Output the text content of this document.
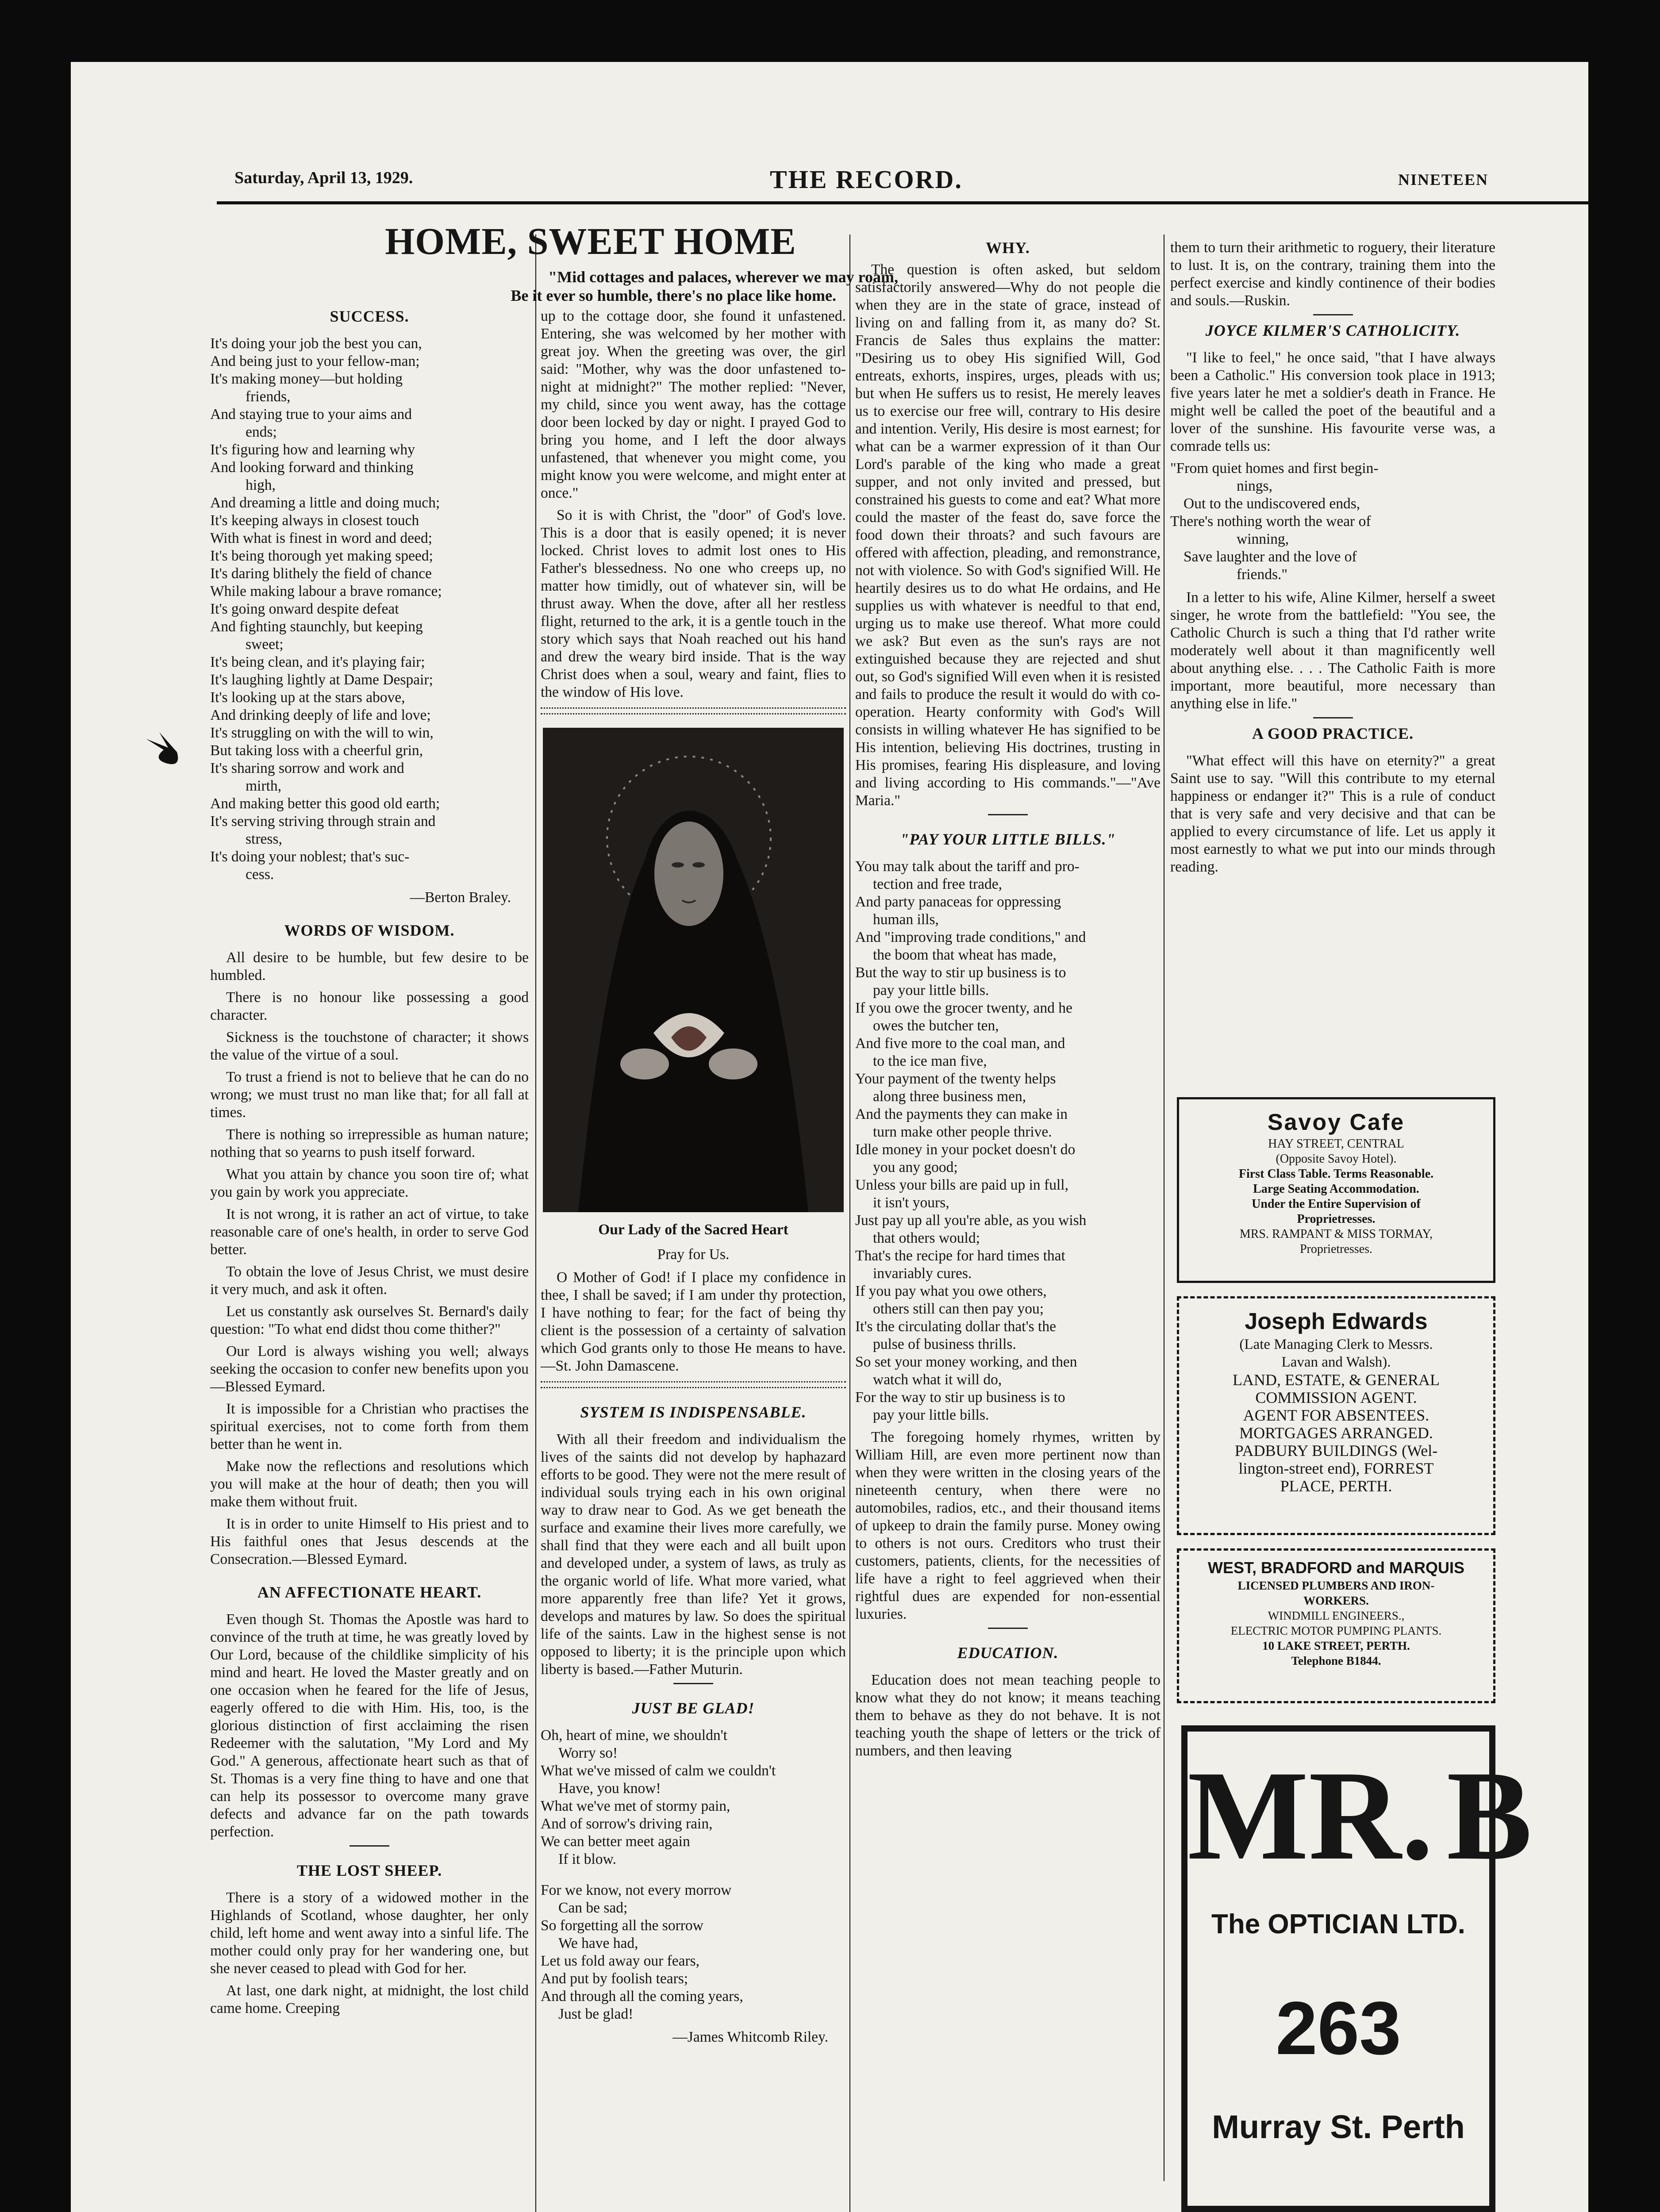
Saturday, April 13, 1929.	THE RECORD.	NINETEEN
HOME, SWEET HOME
"Mid cottages and palaces, wherever we may roam,
Be it ever so humble, there's no place like home.
SUCCESS.
It's doing your job the best you can,
And being just to your fellow-man;
It's making money—but holding
friends,
And staying true to your aims and
ends;
It's figuring how and learning why
And looking forward and thinking
high,
And dreaming a little and doing much;
It's keeping always in closest touch
With what is finest in word and deed;
It's being thorough yet making speed;
It's daring blithely the field of chance
While making labour a brave romance;
It's going onward despite defeat
And fighting staunchly, but keeping
sweet;
It's being clean, and it's playing fair;
It's laughing lightly at Dame Despair;
It's looking up at the stars above,
And drinking deeply of life and love;
It's struggling on with the will to win,
But taking loss with a cheerful grin,
It's sharing sorrow and work and
mirth,
And making better this good old earth;
It's serving striving through strain and
stress,
It's doing your noblest; that's suc-
cess.
—Berton Braley.
WORDS OF WISDOM.

All desire to be humble, but few desire to be humbled.

There is no honour like possessing a good character.

Sickness is the touchstone of character; it shows the value of the virtue of a soul.

To trust a friend is not to believe that he can do no wrong; we must trust no man like that; for all fall at times.

There is nothing so irrepressible as human nature; nothing that so yearns to push itself forward.

What you attain by chance you soon tire of; what you gain by work you appreciate.

It is not wrong, it is rather an act of virtue, to take reasonable care of one's health, in order to serve God better.

To obtain the love of Jesus Christ, we must desire it very much, and ask it often.

Let us constantly ask ourselves St. Bernard's daily question: "To what end didst thou come thither?"

Our Lord is always wishing you well; always seeking the occasion to confer new benefits upon you—Blessed Eymard.

It is impossible for a Christian who practises the spiritual exercises, not to come forth from them better than he went in.

Make now the reflections and resolutions which you will make at the hour of death; then you will make them without fruit.

It is in order to unite Himself to His priest and to His faithful ones that Jesus descends at the Consecration.—Blessed Eymard.

AN AFFECTIONATE HEART.

Even though St. Thomas the Apostle was hard to convince of the truth at time, he was greatly loved by Our Lord, because of the childlike simplicity of his mind and heart. He loved the Master greatly and on one occasion when he feared for the life of Jesus, eagerly offered to die with Him. His, too, is the glorious distinction of first acclaiming the risen Redeemer with the salutation, "My Lord and My God." A generous, affectionate heart such as that of St. Thomas is a very fine thing to have and one that can help its possessor to overcome many grave defects and advance far on the path towards perfection.

THE LOST SHEEP.

There is a story of a widowed mother in the Highlands of Scotland, whose daughter, her only child, left home and went away into a sinful life. The mother could only pray for her wandering one, but she never ceased to plead with God for her.

At last, one dark night, at midnight, the lost child came home. Creeping

up to the cottage door, she found it unfastened. Entering, she was welcomed by her mother with great joy. When the greeting was over, the girl said: "Mother, why was the door unfastened to-night at midnight?" The mother replied: "Never, my child, since you went away, has the cottage door been locked by day or night. I prayed God to bring you home, and I left the door always unfastened, that whenever you might come, you might know you were welcome, and might enter at once."

So it is with Christ, the "door" of God's love. This is a door that is easily opened; it is never locked. Christ loves to admit lost ones to His Father's blessedness. No one who creeps up, no matter how timidly, out of whatever sin, will be thrust away. When the dove, after all her restless flight, returned to the ark, it is a gentle touch in the story which says that Noah reached out his hand and drew the weary bird inside. That is the way Christ does when a soul, weary and faint, flies to the window of His love.

Our Lady of the Sacred Heart
Pray for Us.

O Mother of God! if I place my confidence in thee, I shall be saved; if I am under thy protection, I have nothing to fear; for the fact of being thy client is the possession of a certainty of salvation which God grants only to those He means to have.—St. John Damascene.

SYSTEM IS INDISPENSABLE.

With all their freedom and individualism the lives of the saints did not develop by haphazard efforts to be good. They were not the mere result of individual souls trying each in his own original way to draw near to God. As we get beneath the surface and examine their lives more carefully, we shall find that they were each and all built upon and developed under, a system of laws, as truly as the organic world of life. What more varied, what more apparently free than life? Yet it grows, develops and matures by law. So does the spiritual life of the saints. Law in the highest sense is not opposed to liberty; it is the principle upon which liberty is based.—Father Muturin.

JUST BE GLAD!
Oh, heart of mine, we shouldn't
Worry so!
What we've missed of calm we couldn't
Have, you know!
What we've met of stormy pain,
And of sorrow's driving rain,
We can better meet again
If it blow.
For we know, not every morrow
Can be sad;
So forgetting all the sorrow
We have had,
Let us fold away our fears,
And put by foolish tears;
And through all the coming years,
Just be glad!
—James Whitcomb Riley.
WHY.

The question is often asked, but seldom satisfactorily answered—Why do not people die when they are in the state of grace, instead of living on and falling from it, as many do? St. Francis de Sales thus explains the matter: "Desiring us to obey His signified Will, God entreats, exhorts, inspires, urges, pleads with us; but when He suffers us to resist, He merely leaves us to exercise our free will, contrary to His desire and intention. Verily, His desire is most earnest; for what can be a warmer expression of it than Our Lord's parable of the king who made a great supper, and not only invited and pressed, but constrained his guests to come and eat? What more could the master of the feast do, save force the food down their throats? and such favours are offered with affection, pleading, and remonstrance, not with violence. So with God's signified Will. He heartily desires us to do what He ordains, and He supplies us with whatever is needful to that end, urging us to make use thereof. What more could we ask? But even as the sun's rays are not extinguished because they are rejected and shut out, so God's signified Will even when it is resisted and fails to produce the result it would do with co-operation. Hearty conformity with God's Will consists in willing whatever He has signified to be His intention, believing His doctrines, trusting in His promises, fearing His displeasure, and loving and living according to His commands."—"Ave Maria."

"PAY YOUR LITTLE BILLS."
You may talk about the tariff and pro-
tection and free trade,
And party panaceas for oppressing
human ills,
And "improving trade conditions," and
the boom that wheat has made,
But the way to stir up business is to
pay your little bills.
If you owe the grocer twenty, and he
owes the butcher ten,
And five more to the coal man, and
to the ice man five,
Your payment of the twenty helps
along three business men,
And the payments they can make in
turn make other people thrive.
Idle money in your pocket doesn't do
you any good;
Unless your bills are paid up in full,
it isn't yours,
Just pay up all you're able, as you wish
that others would;
That's the recipe for hard times that
invariably cures.
If you pay what you owe others,
others still can then pay you;
It's the circulating dollar that's the
pulse of business thrills.
So set your money working, and then
watch what it will do,
For the way to stir up business is to
pay your little bills.

The foregoing homely rhymes, written by William Hill, are even more pertinent now than when they were written in the closing years of the nineteenth century, when there were no automobiles, radios, etc., and their thousand items of upkeep to drain the family purse. Money owing to others is not ours. Creditors who trust their customers, patients, clients, for the necessities of life have a right to feel aggrieved when their rightful dues are expended for non-essential luxuries.

EDUCATION.

Education does not mean teaching people to know what they do not know; it means teaching them to behave as they do not behave. It is not teaching youth the shape of letters or the trick of numbers, and then leaving

them to turn their arithmetic to roguery, their literature to lust. It is, on the contrary, training them into the perfect exercise and kindly continence of their bodies and souls.—Ruskin.

JOYCE KILMER'S CATHOLICITY.

"I like to feel," he once said, "that I have always been a Catholic." His conversion took place in 1913; five years later he met a soldier's death in France. He might well be called the poet of the beautiful and a lover of the sunshine. His favourite verse was, a comrade tells us:

"From quiet homes and first begin-
nings,
Out to the undiscovered ends,
There's nothing worth the wear of
winning,
Save laughter and the love of
friends."

In a letter to his wife, Aline Kilmer, herself a sweet singer, he wrote from the battlefield: "You see, the Catholic Church is such a thing that I'd rather write moderately well about it than magnificently well about anything else. . . . The Catholic Faith is more important, more beautiful, more necessary than anything else in life."

A GOOD PRACTICE.

"What effect will this have on eternity?" a great Saint use to say. "Will this contribute to my eternal happiness or endanger it?" This is a rule of conduct that is very safe and very decisive and that can be applied to every circumstance of life. Let us apply it most earnestly to what we put into our minds through reading.

Savoy Cafe
HAY STREET, CENTRAL
(Opposite Savoy Hotel).
First Class Table. Terms Reasonable.
Large Seating Accommodation.
Under the Entire Supervision of
Proprietresses.
MRS. RAMPANT & MISS TORMAY,
Proprietresses.
Joseph Edwards
(Late Managing Clerk to Messrs.
Lavan and Walsh).
LAND, ESTATE, & GENERAL
COMMISSION AGENT.
AGENT FOR ABSENTEES.
MORTGAGES ARRANGED.
PADBURY BUILDINGS (Wel-
lington-street end), FORREST
PLACE, PERTH.
WEST, BRADFORD and MARQUIS
LICENSED PLUMBERS AND IRON-
WORKERS.
WINDMILL ENGINEERS.,
ELECTRIC MOTOR PUMPING PLANTS.
10 LAKE STREET, PERTH.
Telephone B1844.
MR. B
The OPTICIAN LTD.
263
Murray St. Perth
